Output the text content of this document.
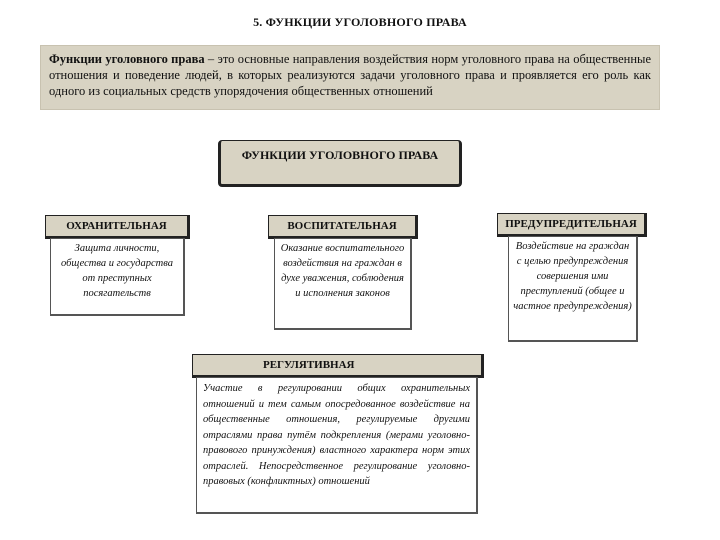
5. ФУНКЦИИ УГОЛОВНОГО ПРАВА
Функции уголовного права – это основные направления воздействия норм уголовного права на общественные отношения и поведение людей, в которых реализуются задачи уголовного права и проявляется его роль как одного из социальных средств упорядочения общественных отношений
ФУНКЦИИ УГОЛОВНОГО ПРАВА
ОХРАНИТЕЛЬНАЯ
Защита личности, общества и государства от преступных посягательств
ВОСПИТАТЕЛЬНАЯ
Оказание воспитательного воздействия на граждан в духе уважения, соблюдения и исполнения законов
ПРЕДУПРЕДИТЕЛЬНАЯ
Воздействие на граждан с целью предупреждения совершения ими преступлений (общее и частное предупреждения)
РЕГУЛЯТИВНАЯ
Участие в регулировании общих охранительных отношений и тем самым опосредованное воздействие на общественные отношения, регулируемые другими отраслями права путём подкрепления (мерами уголовно-правового принуждения) властного характера норм этих отраслей. Непосредственное регулирование уголовно-правовых (конфликтных) отношений
